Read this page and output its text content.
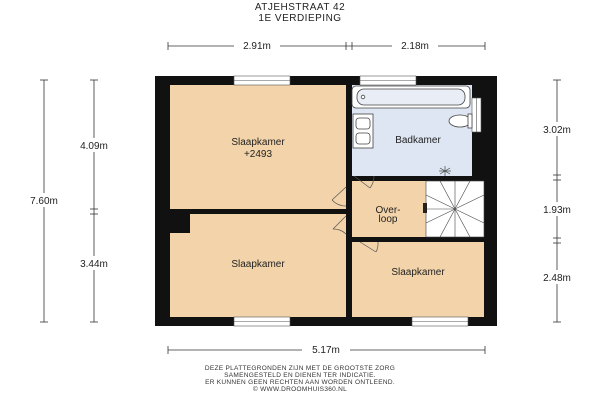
ATJEHSTRAAT 42
1E VERDIEPING
2.91m	2.18m
5.17m
7.60m
4.09m
3.44m
3.02m
1.93m
2.48m
Slaapkamer
+2493
Slaapkamer
Badkamer
Over-
loop
Slaapkamer
DEZE PLATTEGRONDEN ZIJN MET DE GROOTSTE ZORG
SAMENGESTELD EN DIENEN TER INDICATIE.
ER KUNNEN GEEN RECHTEN AAN WORDEN ONTLEEND.
© WWW.DROOMHUIS360.NL
